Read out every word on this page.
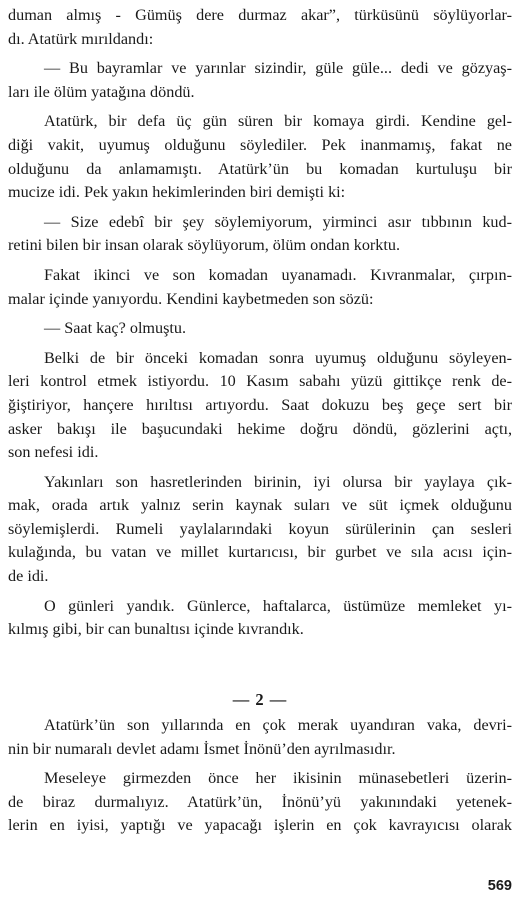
duman almış - Gümüş dere durmaz akar”, türküsünü söylüyorlar-
dı. Atatürk mırıldandı:
— Bu bayramlar ve yarınlar sizindir, güle güle... dedi ve gözyaş-
ları ile ölüm yatağına döndü.
Atatürk, bir defa üç gün süren bir komaya girdi. Kendine gel-
diği vakit, uyumuş olduğunu söylediler. Pek inanmamış, fakat ne
olduğunu da anlamamıştı. Atatürk’ün bu komadan kurtuluşu bir
mucize idi. Pek yakın hekimlerinden biri demişti ki:
— Size edebî bir şey söylemiyorum, yirminci asır tıbbının kud-
retini bilen bir insan olarak söylüyorum, ölüm ondan korktu.
Fakat ikinci ve son komadan uyanamadı. Kıvranmalar, çırpın-
malar içinde yanıyordu. Kendini kaybetmeden son sözü:
— Saat kaç? olmuştu.
Belki de bir önceki komadan sonra uyumuş olduğunu söyleyen-
leri kontrol etmek istiyordu. 10 Kasım sabahı yüzü gittikçe renk de-
ğiştiriyor, hançere hırıltısı artıyordu. Saat dokuzu beş geçe sert bir
asker bakışı ile başucundaki hekime doğru döndü, gözlerini açtı,
son nefesi idi.
Yakınları son hasretlerinden birinin, iyi olursa bir yaylaya çık-
mak, orada artık yalnız serin kaynak suları ve süt içmek olduğunu
söylemişlerdi. Rumeli yaylalarındaki koyun sürülerinin çan sesleri
kulağında, bu vatan ve millet kurtarıcısı, bir gurbet ve sıla acısı için-
de idi.
O günleri yandık. Günlerce, haftalarca, üstümüze memleket yı-
kılmış gibi, bir can bunaltısı içinde kıvrandık.
— 2 —
Atatürk’ün son yıllarında en çok merak uyandıran vaka, devri-
nin bir numaralı devlet adamı İsmet İnönü’den ayrılmasıdır.
Meseleye girmezden önce her ikisinin münasebetleri üzerin-
de biraz durmalıyız. Atatürk’ün, İnönü’yü yakınındaki yetenek-
lerin en iyisi, yaptığı ve yapacağı işlerin en çok kavrayıcısı olarak
569
